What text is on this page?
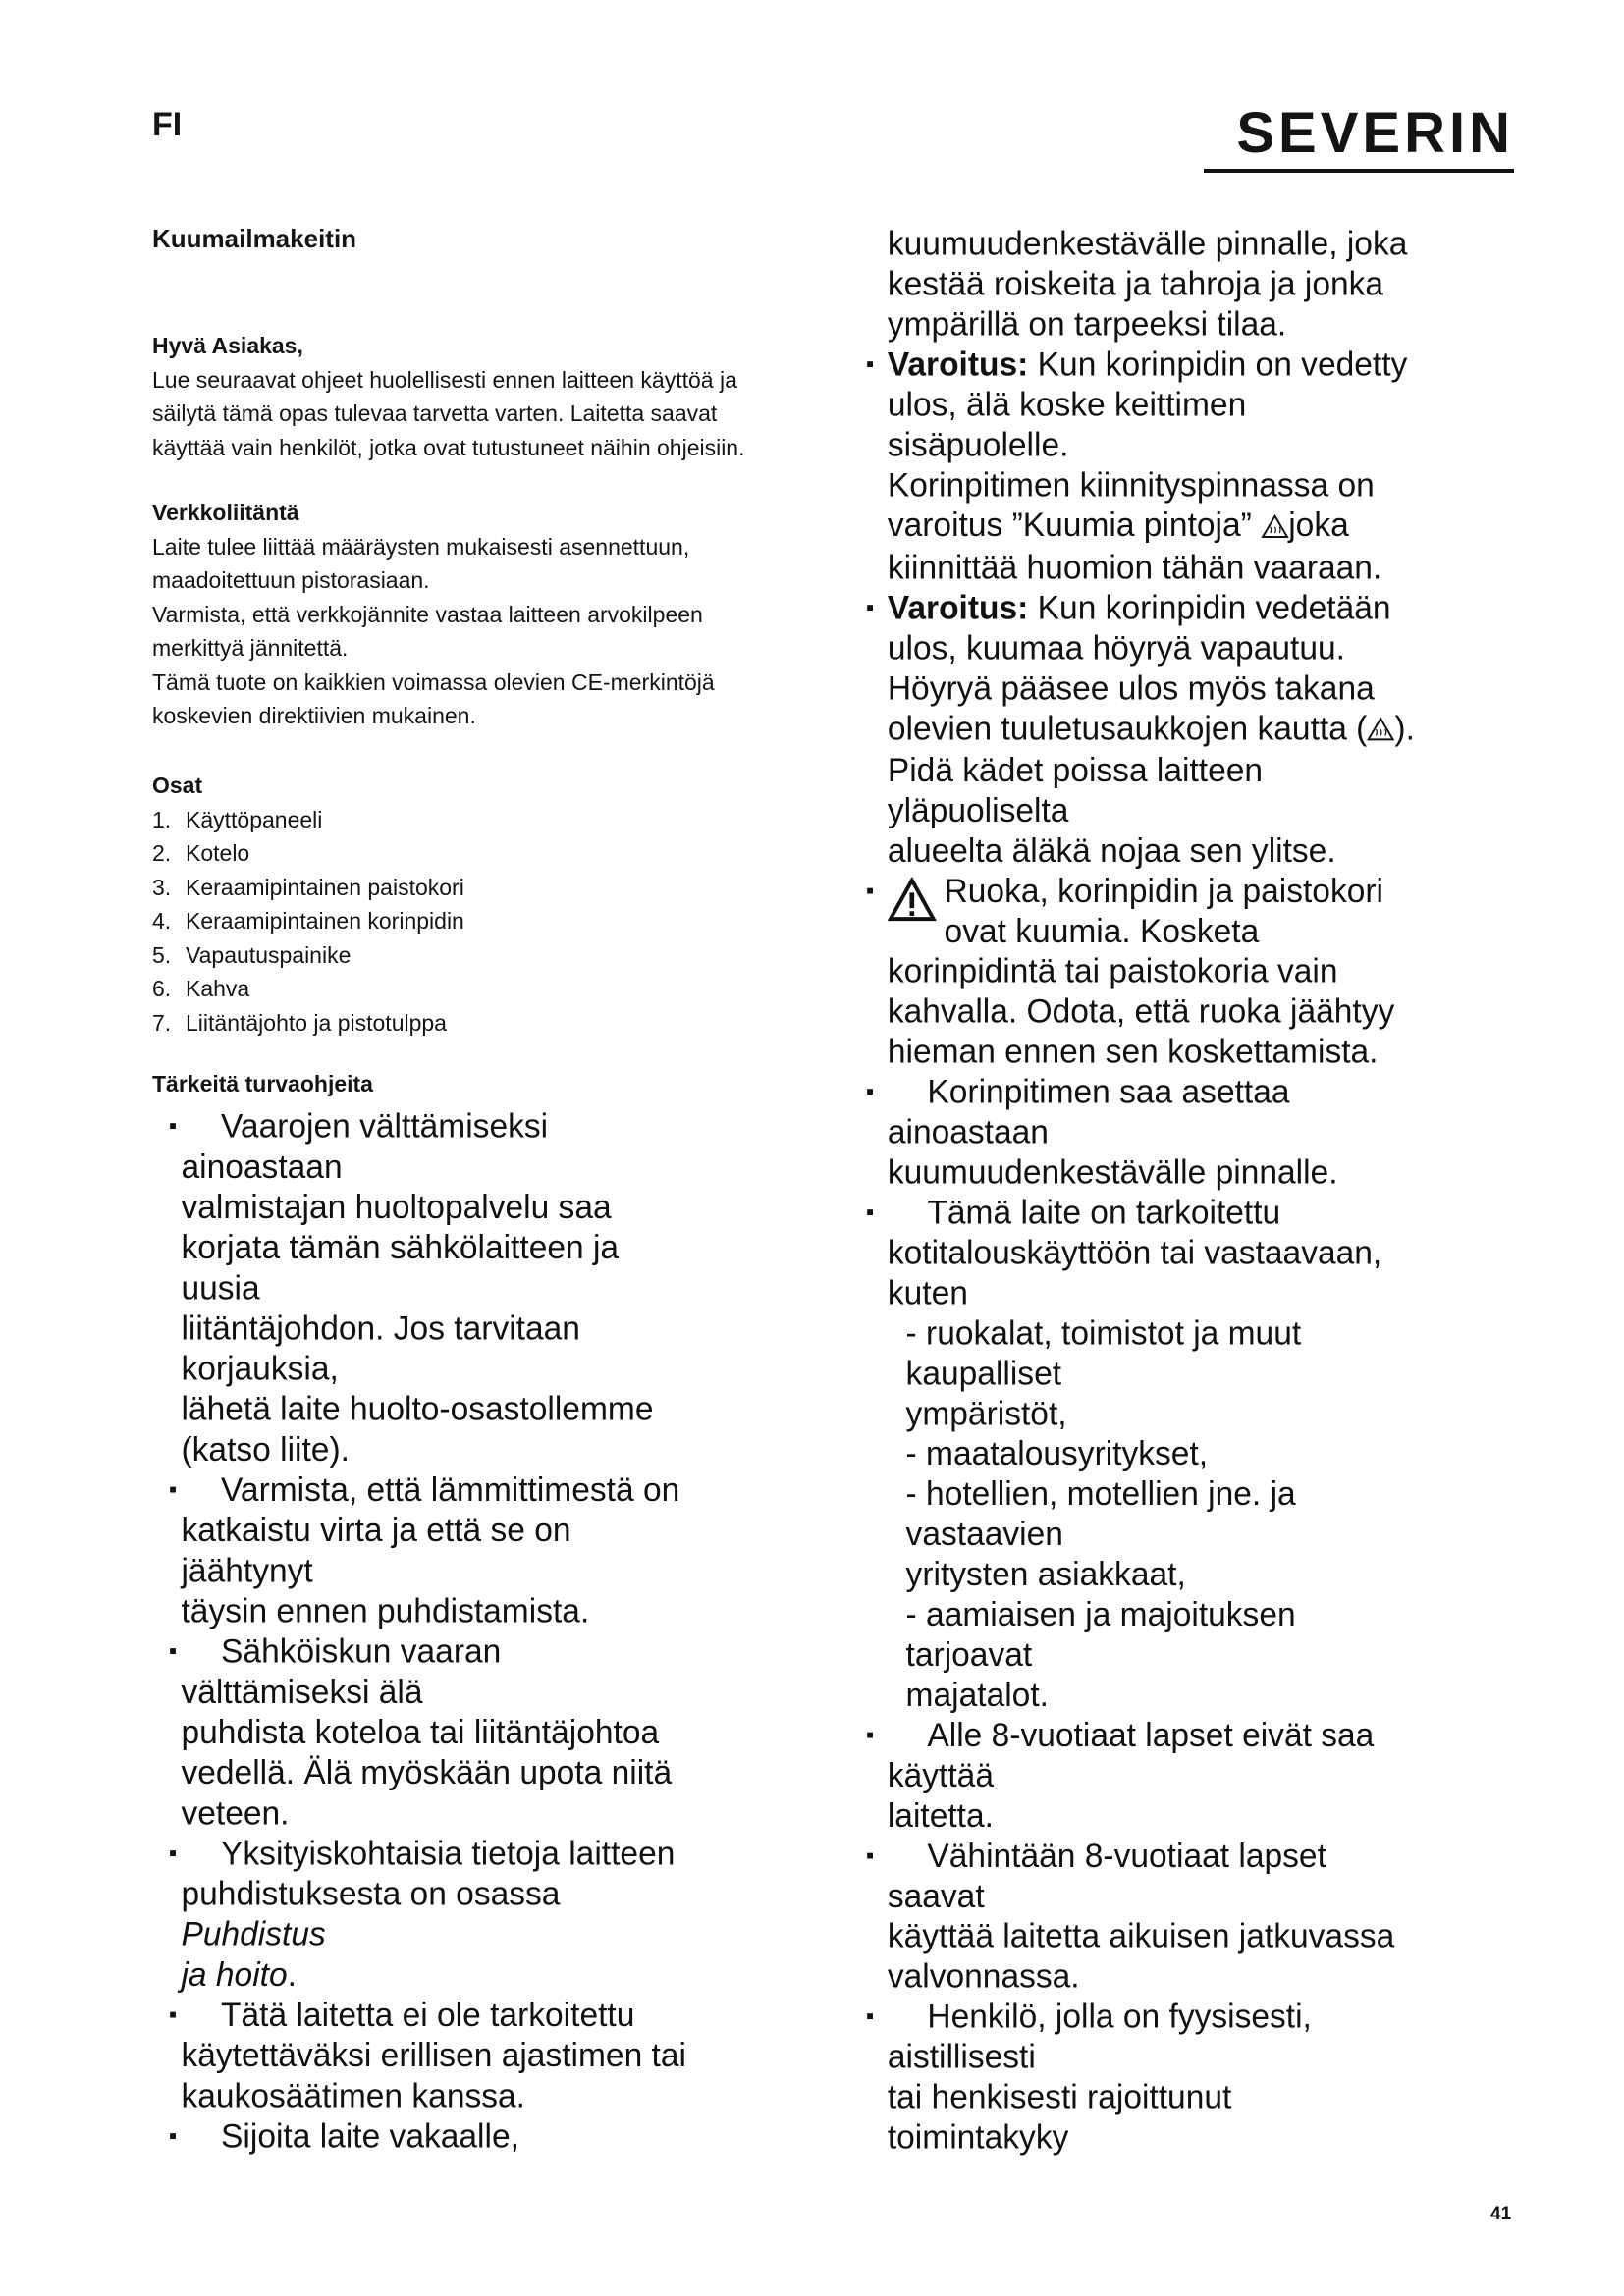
FI	SEVERIN
Kuumailmakeitin
Hyvä Asiakas,
Lue seuraavat ohjeet huolellisesti ennen laitteen käyttöä ja
säilytä tämä opas tulevaa tarvetta varten. Laitetta saavat
käyttää vain henkilöt, jotka ovat tutustuneet näihin ohjeisiin.
Verkkoliitäntä
Laite tulee liittää määräysten mukaisesti asennettuun,
maadoitettuun pistorasiaan.
Varmista, että verkkojännite vastaa laitteen arvokilpeen
merkittyä jännitettä.
Tämä tuote on kaikkien voimassa olevien CE-merkintöjä
koskevien direktiivien mukainen.
Osat
1. Käyttöpaneeli
2. Kotelo
3. Keraamipintainen paistokori
4. Keraamipintainen korinpidin
5. Vapautuspainike
6. Kahva
7. Liitäntäjohto ja pistotulppa
Tärkeitä turvaohjeita

▪ Vaarojen välttämiseksi ainoastaan
valmistajan huoltopalvelu saa
korjata tämän sähkölaitteen ja uusia
liitäntäjohdon. Jos tarvitaan korjauksia,
lähetä laite huolto-osastollemme
(katso liite).

▪ Varmista, että lämmittimestä on
katkaistu virta ja että se on jäähtynyt
täysin ennen puhdistamista.

▪ Sähköiskun vaaran välttämiseksi älä
puhdista koteloa tai liitäntäjohtoa
vedellä. Älä myöskään upota niitä
veteen.

▪ Yksityiskohtaisia tietoja laitteen
puhdistuksesta on osassa Puhdistus
ja hoito.

▪ Tätä laitetta ei ole tarkoitettu
käytettäväksi erillisen ajastimen tai
kaukosäätimen kanssa.

▪ Sijoita laite vakaalle,

kuumuudenkestävälle pinnalle, joka
kestää roiskeita ja tahroja ja jonka
ympärillä on tarpeeksi tilaa.

▪ Varoitus: Kun korinpidin on vedetty
ulos, älä koske keittimen sisäpuolelle.
Korinpitimen kiinnityspinnassa on
varoitus ”Kuumia pintoja” joka
kiinnittää huomion tähän vaaraan.

▪ Varoitus: Kun korinpidin vedetään
ulos, kuumaa höyryä vapautuu.
Höyryä pääsee ulos myös takana
olevien tuuletusaukkojen kautta ( ).
Pidä kädet poissa laitteen yläpuoliselta
alueelta äläkä nojaa sen ylitse.

▪ Ruoka, korinpidin ja paistokori
ovat kuumia. Kosketa
korinpidintä tai paistokoria vain
kahvalla. Odota, että ruoka jäähtyy
hieman ennen sen koskettamista.

▪ Korinpitimen saa asettaa ainoastaan
kuumuudenkestävälle pinnalle.

▪ Tämä laite on tarkoitettu
kotitalouskäyttöön tai vastaavaan,
kuten

- ruokalat, toimistot ja muut kaupalliset
ympäristöt,
- maatalousyritykset,
- hotellien, motellien jne. ja vastaavien
yritysten asiakkaat,
- aamiaisen ja majoituksen tarjoavat
majatalot.

▪ Alle 8-vuotiaat lapset eivät saa käyttää
laitetta.

▪ Vähintään 8-vuotiaat lapset saavat
käyttää laitetta aikuisen jatkuvassa
valvonnassa.

▪ Henkilö, jolla on fyysisesti, aistillisesti
tai henkisesti rajoittunut toimintakyky

41
